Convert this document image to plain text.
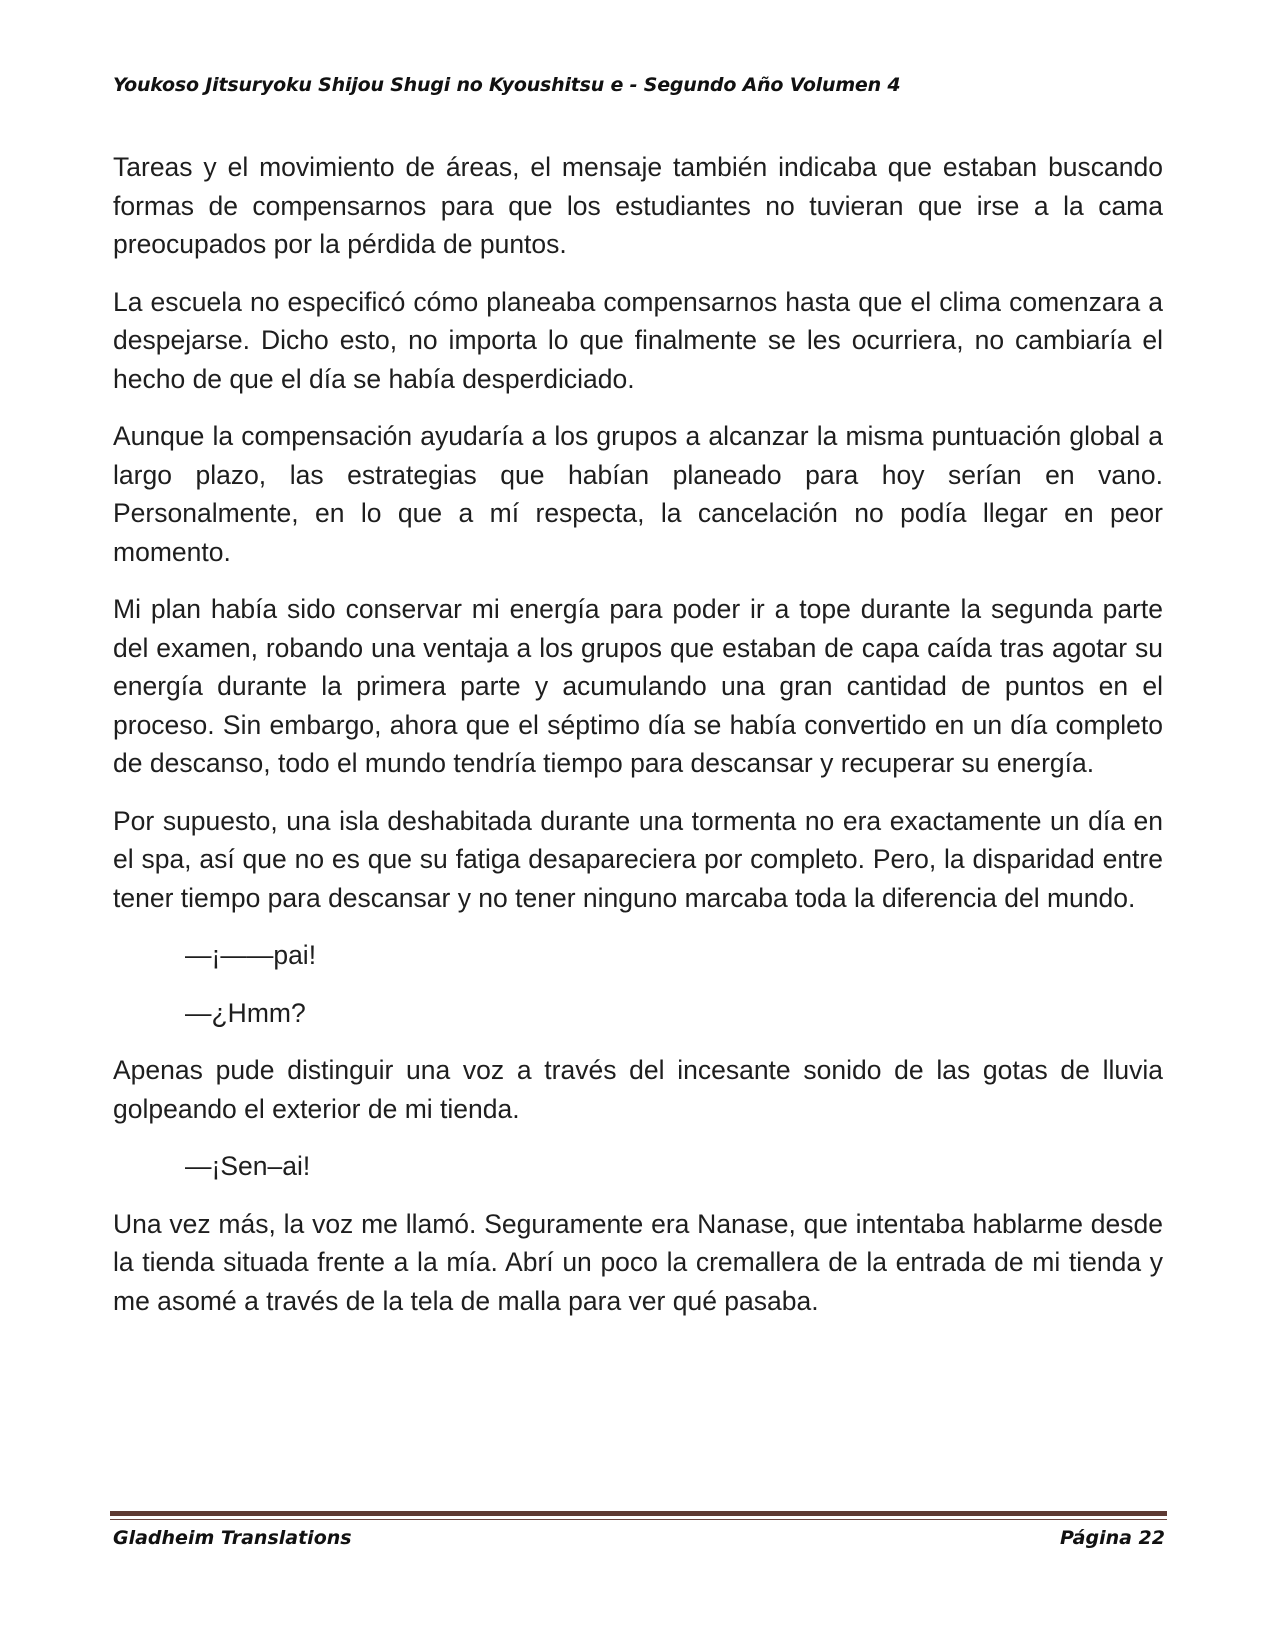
Youkoso Jitsuryoku Shijou Shugi no Kyoushitsu e - Segundo Año Volumen 4

Tareas y el movimiento de áreas, el mensaje también indicaba que estaban buscando formas de compensarnos para que los estudiantes no tuvieran que irse a la cama preocupados por la pérdida de puntos.

La escuela no especificó cómo planeaba compensarnos hasta que el clima comenzara a despejarse. Dicho esto, no importa lo que finalmente se les ocurriera, no cambiaría el hecho de que el día se había desperdiciado.

Aunque la compensación ayudaría a los grupos a alcanzar la misma puntuación global a largo plazo, las estrategias que habían planeado para hoy serían en vano. Personalmente, en lo que a mí respecta, la cancelación no podía llegar en peor momento.

Mi plan había sido conservar mi energía para poder ir a tope durante la segunda parte del examen, robando una ventaja a los grupos que estaban de capa caída tras agotar su energía durante la primera parte y acumulando una gran cantidad de puntos en el proceso. Sin embargo, ahora que el séptimo día se había convertido en un día completo de descanso, todo el mundo tendría tiempo para descansar y recuperar su energía.

Por supuesto, una isla deshabitada durante una tormenta no era exactamente un día en el spa, así que no es que su fatiga desapareciera por completo. Pero, la disparidad entre tener tiempo para descansar y no tener ninguno marcaba toda la diferencia del mundo.

—¡——pai!

—¿Hmm?

Apenas pude distinguir una voz a través del incesante sonido de las gotas de lluvia golpeando el exterior de mi tienda.

—¡Sen–ai!

Una vez más, la voz me llamó. Seguramente era Nanase, que intentaba hablarme desde la tienda situada frente a la mía. Abrí un poco la cremallera de la entrada de mi tienda y me asomé a través de la tela de malla para ver qué pasaba.

Gladheim Translations	Página 22
